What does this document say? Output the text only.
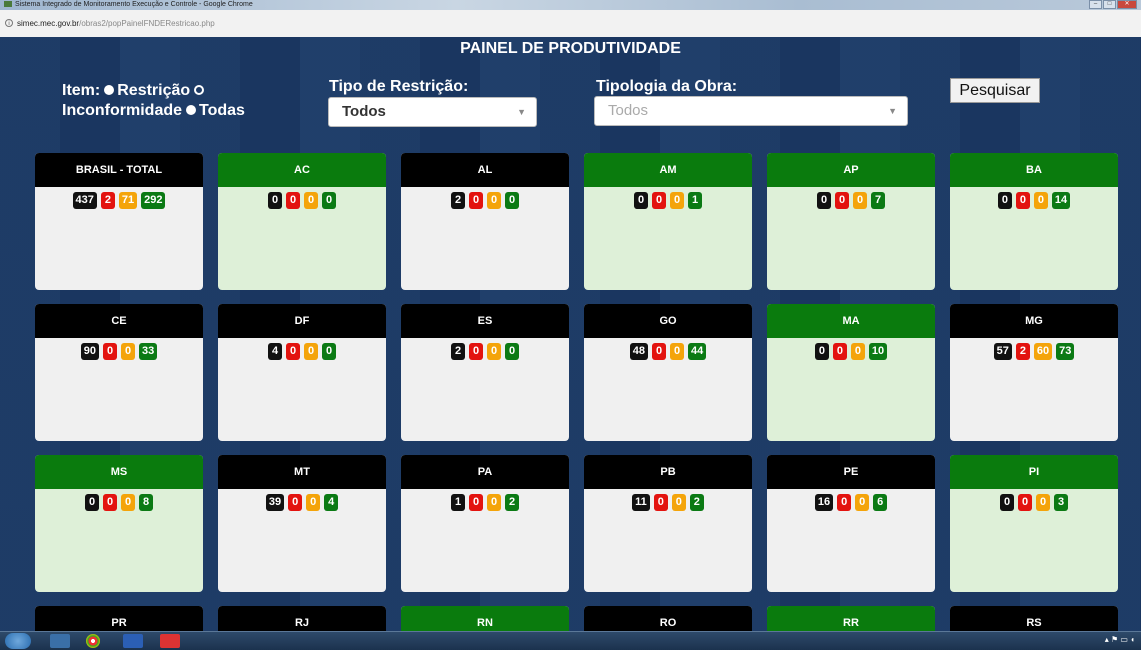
Sistema Integrado de Monitoramento Execução e Controle - Google Chrome	–	□	✕
i simec.mec.gov.br/obras2/popPainelFNDERestricao.php
PAINEL DE PRODUTIVIDADE
Item: Restrição
Inconformidade Todas
Tipo de Restrição:
Todos	▼
Tipologia da Obra:
Todos	▼
Pesquisar
BRASIL - TOTAL
437 2 71 292
AC
0	0	0	0
AL
2	0	0	0
AM
0	0	0	1
AP
0	0	0	7
BA
0	0	0 14
CE
90 0	0 33
DF
4	0	0	0
ES
2	0	0	0
GO
48 0	0 44
MA
0	0	0 10
MG
57 2 60 73
MS
0	0	0	8
MT
39 0	0	4
PA
1	0	0	2
PB
11 0	0	2
PE
16 0	0	6
PI
0	0	0	3
PR	RJ	RN	RO	RR	RS
▴ ⚑ ▭ ◖
